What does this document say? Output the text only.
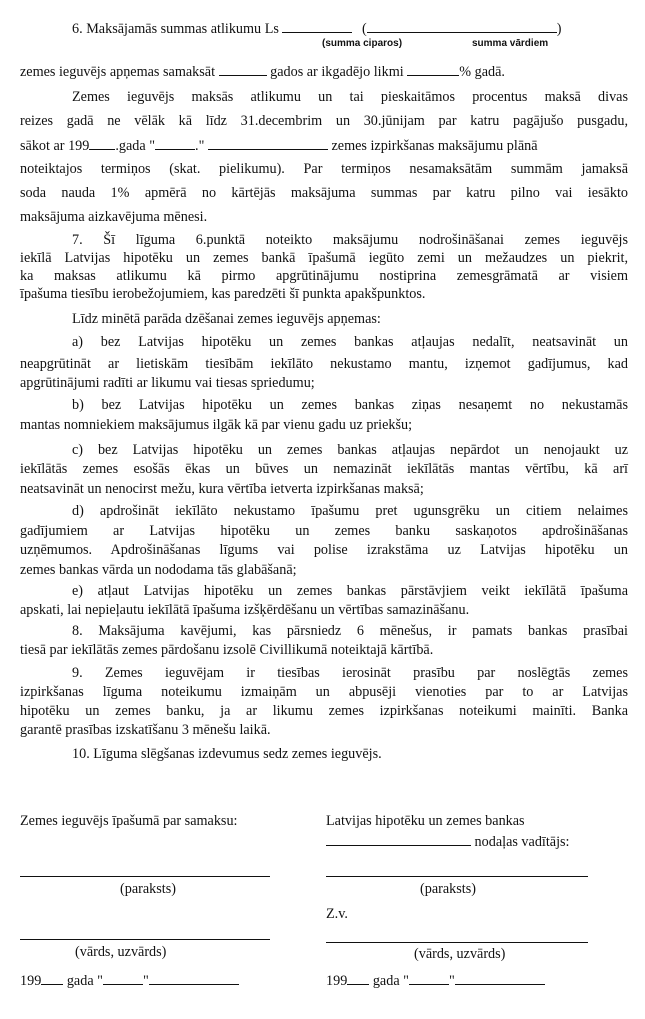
6. Maksājamās summas atlikumu Ls	(	)
(summa ciparos)	summa vārdiem
zemes ieguvējs apņemas samaksāt	gados ar ikgadējo likmi	% gadā.
Zemes ieguvējs maksās atlikumu un tai pieskaitāmos procentus maksā divas
reizes gadā ne vēlāk kā līdz 31.decembrim un 30.jūnijam par katru pagājušo pusgadu,
sākot ar 199 .gada "	."	zemes izpirkšanas maksājumu plānā
noteiktajos termiņos (skat. pielikumu). Par termiņos nesamaksātām summām jamaksā
soda nauda 1% apmērā no kārtējās maksājuma summas par katru pilno vai iesākto
maksājuma aizkavējuma mēnesi.
7. Šī līguma 6.punktā noteikto maksājumu nodrošināšanai zemes ieguvējs
iekīlā Latvijas hipotēku un zemes bankā īpašumā iegūto zemi un mežaudzes un piekrit,
ka maksas atlikumu kā pirmo apgrūtinājumu nostiprina zemesgrāmatā ar visiem
īpašuma tiesību ierobežojumiem, kas paredzēti šī punkta apakšpunktos.
Līdz minētā parāda dzēšanai zemes ieguvējs apņemas:
a) bez Latvijas hipotēku un zemes bankas atļaujas nedalīt, neatsavināt un
neapgrūtināt ar lietiskām tiesībām iekīlāto nekustamo mantu, izņemot gadījumus, kad
apgrūtinājumi radīti ar likumu vai tiesas spriedumu;
b) bez Latvijas hipotēku un zemes bankas ziņas nesaņemt no nekustamās
mantas nomniekiem maksājumus ilgāk kā par vienu gadu uz priekšu;
c) bez Latvijas hipotēku un zemes bankas atļaujas nepārdot un nenojaukt uz
iekīlātās zemes esošās ēkas un būves un nemazināt iekīlātās mantas vērtību, kā arī
neatsavināt un nenocirst mežu, kura vērtība ietverta izpirkšanas maksā;
d) apdrošināt iekīlāto nekustamo īpašumu pret ugunsgrēku un citiem nelaimes
gadījumiem ar Latvijas hipotēku un zemes banku saskaņotos apdrošināšanas
uzņēmumos. Apdrošināšanas līgums vai polise izrakstāma uz Latvijas hipotēku un
zemes bankas vārda un nododama tās glabāšanā;
e) atļaut Latvijas hipotēku un zemes bankas pārstāvjiem veikt iekīlātā īpašuma
apskati, lai nepieļautu iekīlātā īpašuma izšķērdēšanu un vērtības samazināšanu.
8. Maksājuma kavējumi, kas pārsniedz 6 mēnešus, ir pamats bankas prasībai
tiesā par iekīlātās zemes pārdošanu izsolē Civillikumā noteiktajā kārtībā.
9. Zemes ieguvējam ir tiesības ierosināt prasību par noslēgtās zemes
izpirkšanas līguma noteikumu izmaiņām un abpusēji vienoties par to ar Latvijas
hipotēku un zemes banku, ja ar likumu zemes izpirkšanas noteikumi mainīti. Banka
garantē prasības izskatīšanu 3 mēnešu laikā.
10. Līguma slēgšanas izdevumus sedz zemes ieguvējs.
Zemes ieguvējs īpašumā par samaksu:
(paraksts)
(vārds, uzvārds)
199 gada "	"
Latvijas hipotēku un zemes bankas
nodaļas vadītājs:
(paraksts)
Z.v.
(vārds, uzvārds)
199 gada "	"
